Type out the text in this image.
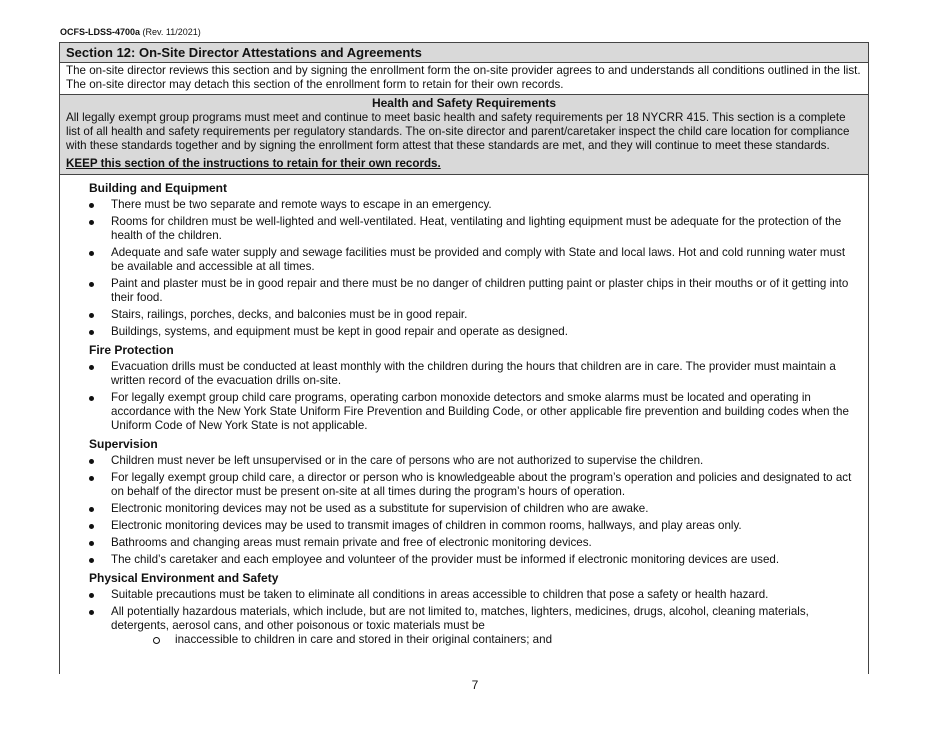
OCFS-LDSS-4700a (Rev. 11/2021)
Section 12: On-Site Director Attestations and Agreements
The on-site director reviews this section and by signing the enrollment form the on-site provider agrees to and understands all conditions outlined in the list. The on-site director may detach this section of the enrollment form to retain for their own records.
Health and Safety Requirements
All legally exempt group programs must meet and continue to meet basic health and safety requirements per 18 NYCRR 415. This section is a complete list of all health and safety requirements per regulatory standards. The on-site director and parent/caretaker inspect the child care location for compliance with these standards together and by signing the enrollment form attest that these standards are met, and they will continue to meet these standards.
KEEP this section of the instructions to retain for their own records.
Building and Equipment
There must be two separate and remote ways to escape in an emergency.
Rooms for children must be well-lighted and well-ventilated. Heat, ventilating and lighting equipment must be adequate for the protection of the health of the children.
Adequate and safe water supply and sewage facilities must be provided and comply with State and local laws. Hot and cold running water must be available and accessible at all times.
Paint and plaster must be in good repair and there must be no danger of children putting paint or plaster chips in their mouths or of it getting into their food.
Stairs, railings, porches, decks, and balconies must be in good repair.
Buildings, systems, and equipment must be kept in good repair and operate as designed.
Fire Protection
Evacuation drills must be conducted at least monthly with the children during the hours that children are in care. The provider must maintain a written record of the evacuation drills on-site.
For legally exempt group child care programs, operating carbon monoxide detectors and smoke alarms must be located and operating in accordance with the New York State Uniform Fire Prevention and Building Code, or other applicable fire prevention and building codes when the Uniform Code of New York State is not applicable.
Supervision
Children must never be left unsupervised or in the care of persons who are not authorized to supervise the children.
For legally exempt group child care, a director or person who is knowledgeable about the program’s operation and policies and designated to act on behalf of the director must be present on-site at all times during the program’s hours of operation.
Electronic monitoring devices may not be used as a substitute for supervision of children who are awake.
Electronic monitoring devices may be used to transmit images of children in common rooms, hallways, and play areas only.
Bathrooms and changing areas must remain private and free of electronic monitoring devices.
The child’s caretaker and each employee and volunteer of the provider must be informed if electronic monitoring devices are used.
Physical Environment and Safety
Suitable precautions must be taken to eliminate all conditions in areas accessible to children that pose a safety or health hazard.
All potentially hazardous materials, which include, but are not limited to, matches, lighters, medicines, drugs, alcohol, cleaning materials, detergents, aerosol cans, and other poisonous or toxic materials must be
inaccessible to children in care and stored in their original containers; and
7
